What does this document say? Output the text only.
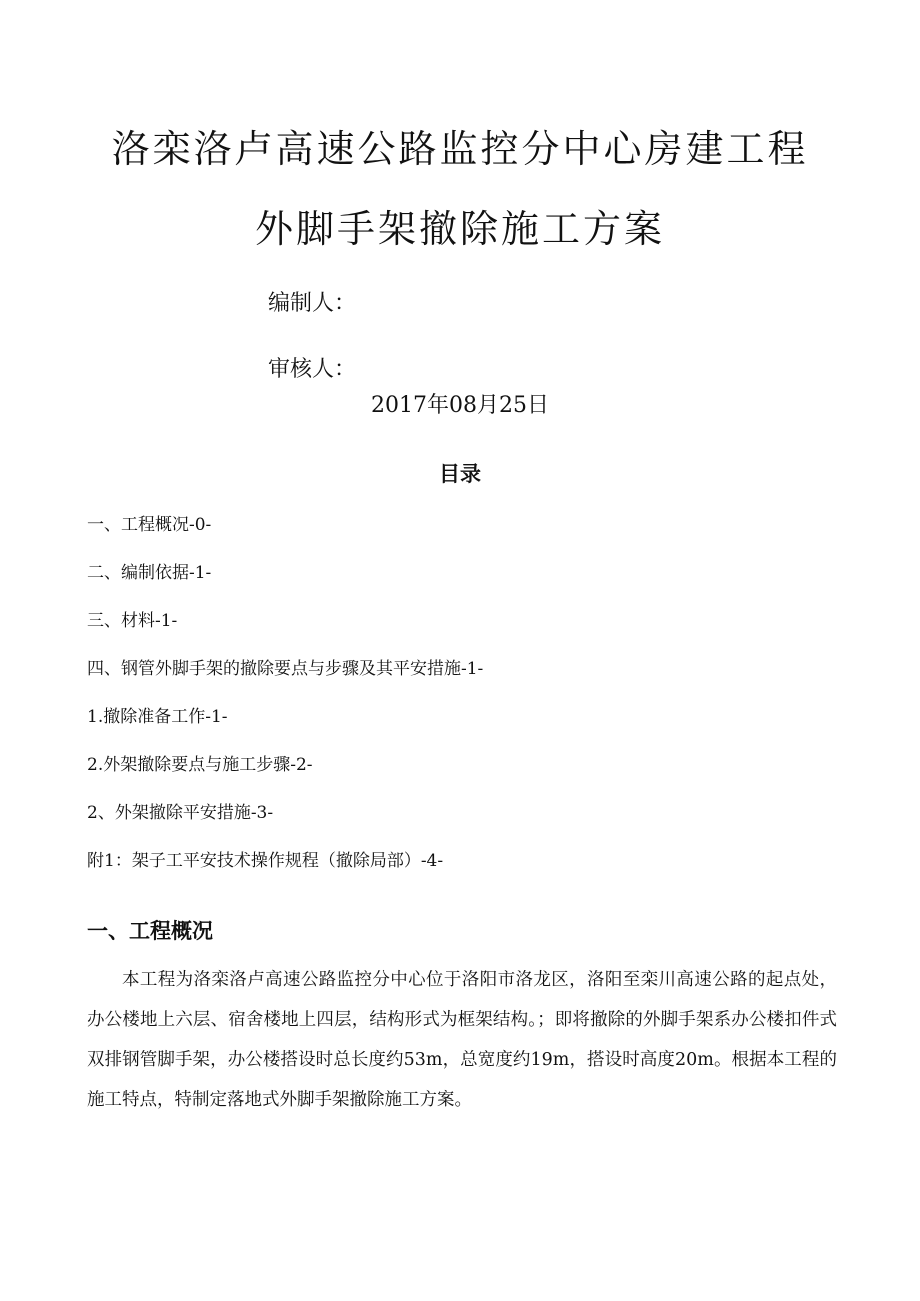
洛栾洛卢高速公路监控分中心房建工程
外脚手架撤除施工方案
编制人：
审核人：
2017年08月25日
目录
一、工程概况-0-
二、编制依据-1-
三、材料-1-
四、钢管外脚手架的撤除要点与步骤及其平安措施-1-
1.撤除准备工作-1-
2.外架撤除要点与施工步骤-2-
2、外架撤除平安措施-3-
附1：架子工平安技术操作规程（撤除局部）-4-
一、工程概况
本工程为洛栾洛卢高速公路监控分中心位于洛阳市洛龙区，洛阳至栾川高速公路的起点处，办公楼地上六层、宿舍楼地上四层，结构形式为框架结构。；即将撤除的外脚手架系办公楼扣件式双排钢管脚手架，办公楼搭设时总长度约53m，总宽度约19m，搭设时高度20m。根据本工程的施工特点，特制定落地式外脚手架撤除施工方案。
